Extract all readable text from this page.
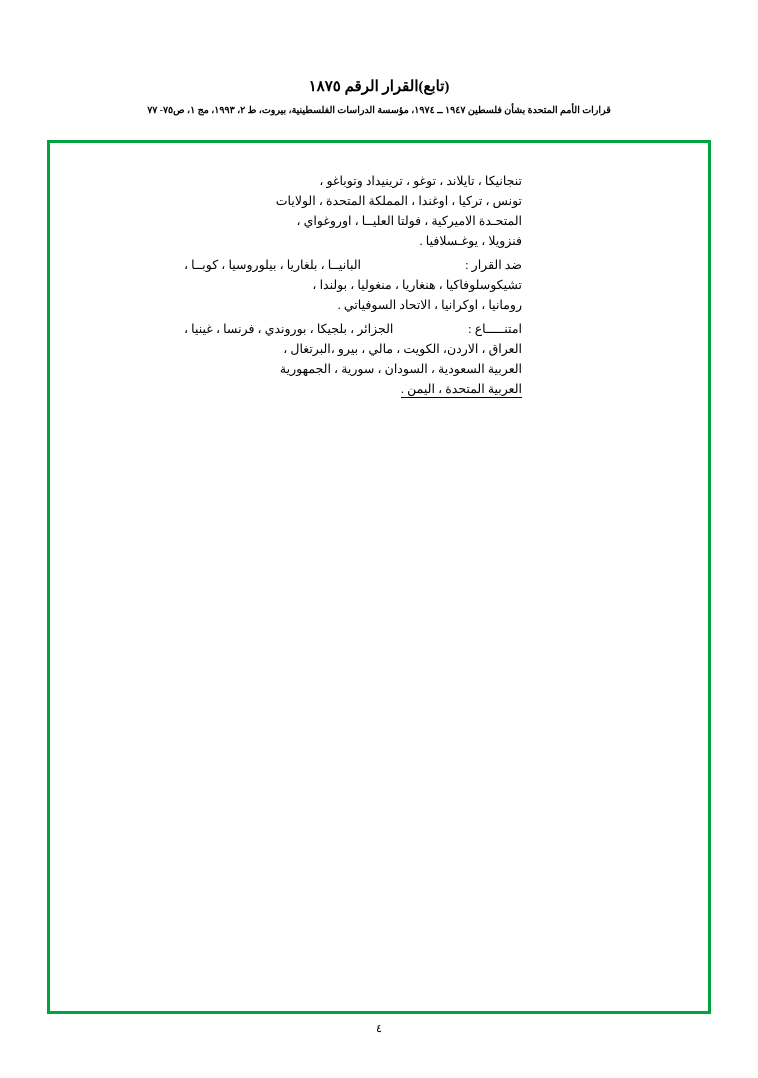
(تابع)القرار الرقم ١٨٧٥
قرارات الأمم المتحدة بشأن فلسطين ١٩٤٧ ــ ١٩٧٤، مؤسسة الدراسات الفلسطينية، بيروت، ط ٢، ١٩٩٣، مج ١، ص٧٥- ٧٧
تنجانيكا ، تايلاند ، توغو ، ترينيداد وتوباغو ،
تونس ، تركيا ، اوغندا ، المملكة المتحدة ، الولايات
المتحـدة الاميركية ، فولتا العليــا ، اوروغواي ،
فنزويلا ، يوغـسلافيا .
ضد القرار :
البانيــا ، بلغاريا ، بيلوروسيا ، كوبــا ،
تشيكوسلوفاكيا ، هنغاريا ، منغوليا ، بولندا ،
رومانيا ، اوكرانيا ، الاتحاد السوفياتي .
امتنـــــاع :
الجزائر ، بلجيكا ، بوروندي ، فرنسا ، غينيا ،
العراق ، الاردن، الكويت ، مالي ، بيرو ،البرتغال ،
العربية السعودية ، السودان ، سورية ، الجمهورية
العربية المتحدة ، اليمن .
٤
